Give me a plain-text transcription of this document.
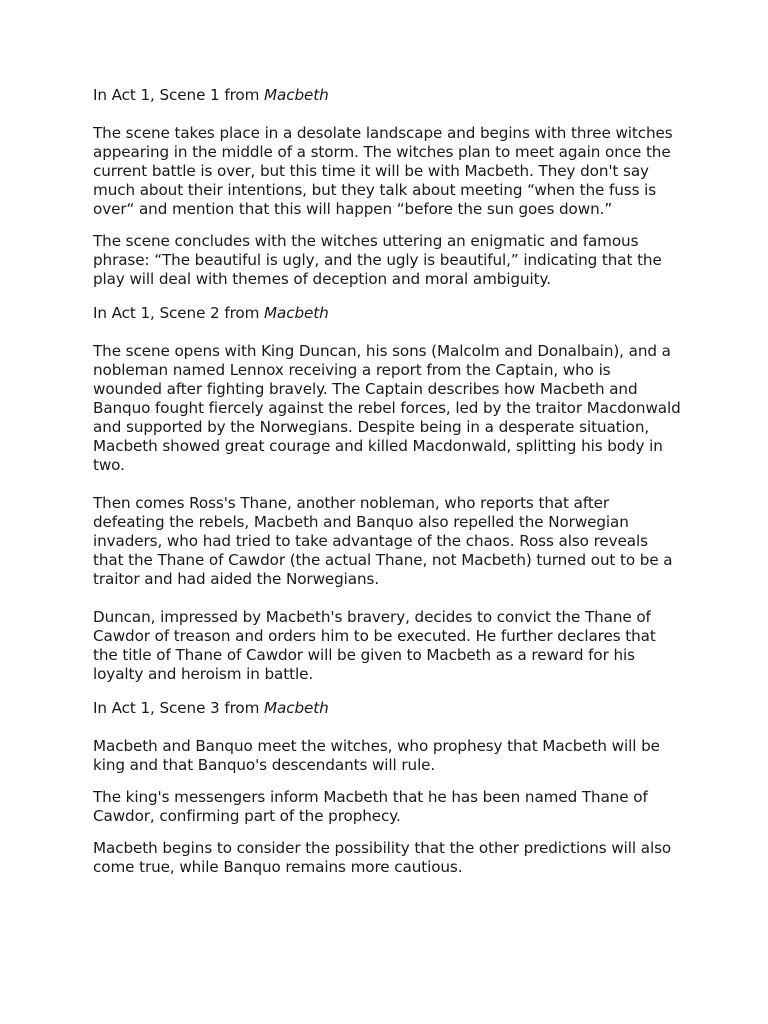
In Act 1, Scene 1 from Macbeth

The scene takes place in a desolate landscape and begins with three witches appearing in the middle of a storm. The witches plan to meet again once the current battle is over, but this time it will be with Macbeth. They don't say much about their intentions, but they talk about meeting “when the fuss is over“ and mention that this will happen “before the sun goes down.”

The scene concludes with the witches uttering an enigmatic and famous phrase: “The beautiful is ugly, and the ugly is beautiful,” indicating that the play will deal with themes of deception and moral ambiguity.

In Act 1, Scene 2 from Macbeth

The scene opens with King Duncan, his sons (Malcolm and Donalbain), and a nobleman named Lennox receiving a report from the Captain, who is wounded after fighting bravely. The Captain describes how Macbeth and Banquo fought fiercely against the rebel forces, led by the traitor Macdonwald and supported by the Norwegians. Despite being in a desperate situation, Macbeth showed great courage and killed Macdonwald, splitting his body in two.

Then comes Ross's Thane, another nobleman, who reports that after defeating the rebels, Macbeth and Banquo also repelled the Norwegian invaders, who had tried to take advantage of the chaos. Ross also reveals that the Thane of Cawdor (the actual Thane, not Macbeth) turned out to be a traitor and had aided the Norwegians.

Duncan, impressed by Macbeth's bravery, decides to convict the Thane of Cawdor of treason and orders him to be executed. He further declares that the title of Thane of Cawdor will be given to Macbeth as a reward for his loyalty and heroism in battle.

In Act 1, Scene 3 from Macbeth

Macbeth and Banquo meet the witches, who prophesy that Macbeth will be king and that Banquo's descendants will rule.

The king's messengers inform Macbeth that he has been named Thane of Cawdor, confirming part of the prophecy.

Macbeth begins to consider the possibility that the other predictions will also come true, while Banquo remains more cautious.
